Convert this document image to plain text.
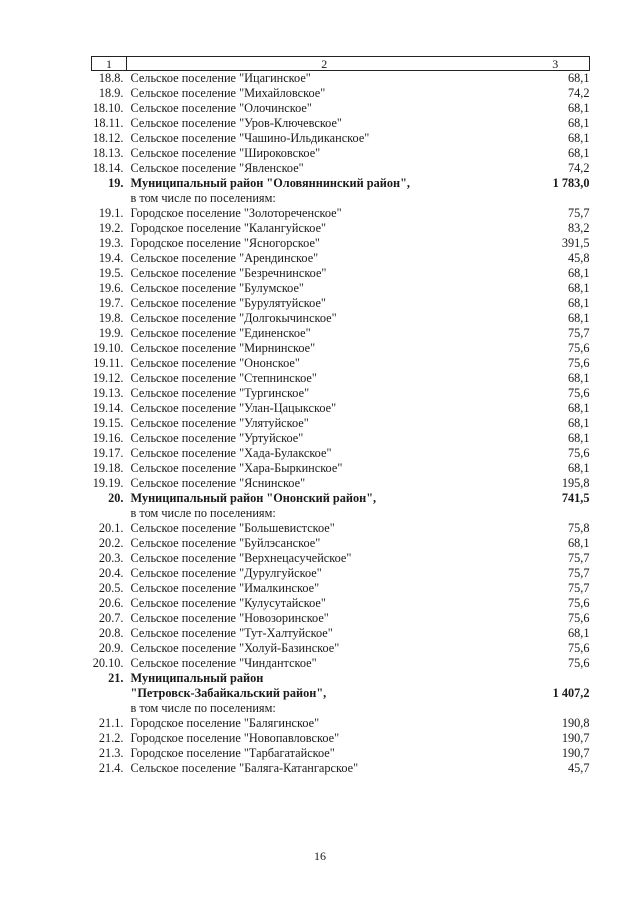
1	2	3
18.8.	Сельское поселение "Ицагинское"	68,1
18.9.	Сельское поселение "Михайловское"	74,2
18.10.	Сельское поселение "Олочинское"	68,1
18.11.	Сельское поселение "Уров-Ключевское"	68,1
18.12.	Сельское поселение "Чашино-Ильдиканское"	68,1
18.13.	Сельское поселение "Широковское"	68,1
18.14.	Сельское поселение "Явленское"	74,2
19.	Муниципальный район "Оловяннинский район",	1 783,0
	в том числе по поселениям:	
19.1.	Городское поселение "Золотореченское"	75,7
19.2.	Городское поселение "Калангуйское"	83,2
19.3.	Городское поселение "Ясногорское"	391,5
19.4.	Сельское поселение "Арендинское"	45,8
19.5.	Сельское поселение "Безречнинское"	68,1
19.6.	Сельское поселение "Булумское"	68,1
19.7.	Сельское поселение "Бурулятуйское"	68,1
19.8.	Сельское поселение "Долгокычинское"	68,1
19.9.	Сельское поселение "Единенское"	75,7
19.10.	Сельское поселение "Мирнинское"	75,6
19.11.	Сельское поселение "Ононское"	75,6
19.12.	Сельское поселение "Степнинское"	68,1
19.13.	Сельское поселение "Тургинское"	75,6
19.14.	Сельское поселение "Улан-Цацыкское"	68,1
19.15.	Сельское поселение "Улятуйское"	68,1
19.16.	Сельское поселение "Уртуйское"	68,1
19.17.	Сельское поселение "Хада-Булакское"	75,6
19.18.	Сельское поселение "Хара-Быркинское"	68,1
19.19.	Сельское поселение "Яснинское"	195,8
20.	Муниципальный район "Ононский район",	741,5
	в том числе по поселениям:	
20.1.	Сельское поселение "Большевистское"	75,8
20.2.	Сельское поселение "Буйлэсанское"	68,1
20.3.	Сельское поселение "Верхнецасучейское"	75,7
20.4.	Сельское поселение "Дурулгуйское"	75,7
20.5.	Сельское поселение "Ималкинское"	75,7
20.6.	Сельское поселение "Кулусутайское"	75,6
20.7.	Сельское поселение "Новозоринское"	75,6
20.8.	Сельское поселение "Тут-Халтуйское"	68,1
20.9.	Сельское поселение "Холуй-Базинское"	75,6
20.10.	Сельское поселение "Чиндантское"	75,6
21.	Муниципальный район	
	"Петровск-Забайкальский район",	1 407,2
	в том числе по поселениям:	
21.1.	Городское поселение "Балягинское"	190,8
21.2.	Городское поселение "Новопавловское"	190,7
21.3.	Городское поселение "Тарбагатайское"	190,7
21.4.	Сельское поселение "Баляга-Катангарское"	45,7
16
